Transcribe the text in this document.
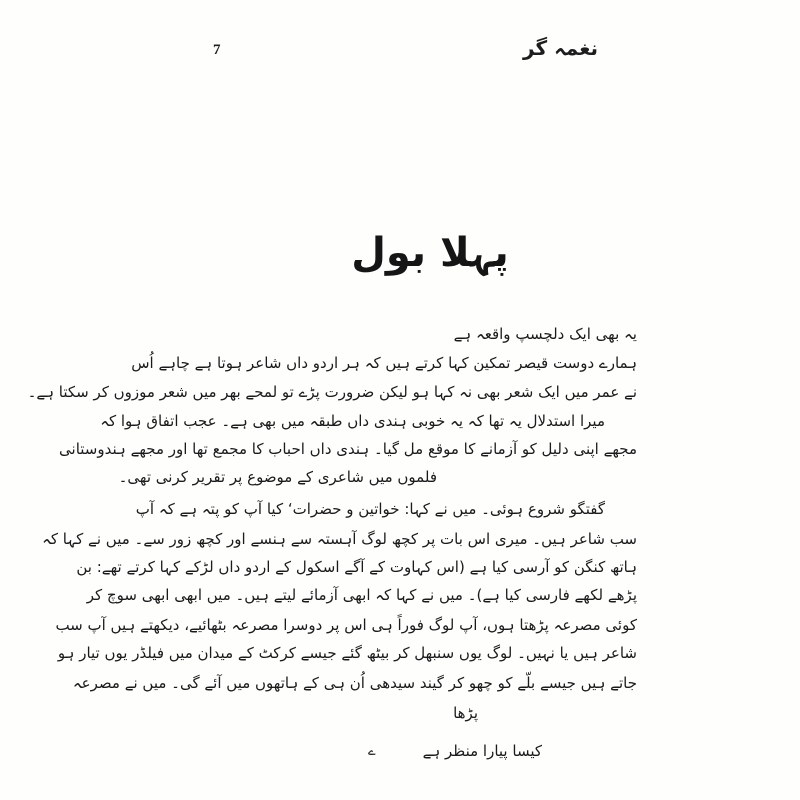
7	نغمہ گر
پہلا بول
یہ بھی ایک دلچسپ واقعہ ہے
ہمارے دوست قیصر تمکین کہا کرتے ہیں کہ ہر اردو داں شاعر ہوتا ہے چاہے اُس
نے عمر میں ایک شعر بھی نہ کہا ہو لیکن ضرورت پڑے تو لمحے بھر میں شعر موزوں کر سکتا ہے۔
میرا استدلال یہ تھا کہ یہ خوبی ہندی داں طبقہ میں بھی ہے۔ عجب اتفاق ہوا کہ
مجھے اپنی دلیل کو آزمانے کا موقع مل گیا۔ ہندی داں احباب کا مجمع تھا اور مجھے ہندوستانی
فلموں میں شاعری کے موضوع پر تقریر کرنی تھی۔
گفتگو شروع ہوئی۔ میں نے کہا: خواتین و حضرات‘ کیا آپ کو پتہ ہے کہ آپ
سب شاعر ہیں۔ میری اس بات پر کچھ لوگ آہستہ سے ہنسے اور کچھ زور سے۔ میں نے کہا کہ
ہاتھ کنگن کو آرسی کیا ہے (اس کہاوت کے آگے اسکول کے اردو داں لڑکے کہا کرتے تھے: بن
پڑھے لکھے فارسی کیا ہے)۔ میں نے کہا کہ ابھی آزمائے لیتے ہیں۔ میں ابھی ابھی سوچ کر
کوئی مصرعہ پڑھتا ہوں، آپ لوگ فوراً ہی اس پر دوسرا مصرعہ بٹھائیے، دیکھتے ہیں آپ سب
شاعر ہیں یا نہیں۔ لوگ یوں سنبھل کر بیٹھ گئے جیسے کرکٹ کے میدان میں فیلڈر یوں تیار ہو
جاتے ہیں جیسے بلّے کو چھو کر گیند سیدھی اُن ہی کے ہاتھوں میں آئے گی۔ میں نے مصرعہ
پڑھا
کیسا پیارا منظر ہے
ے
